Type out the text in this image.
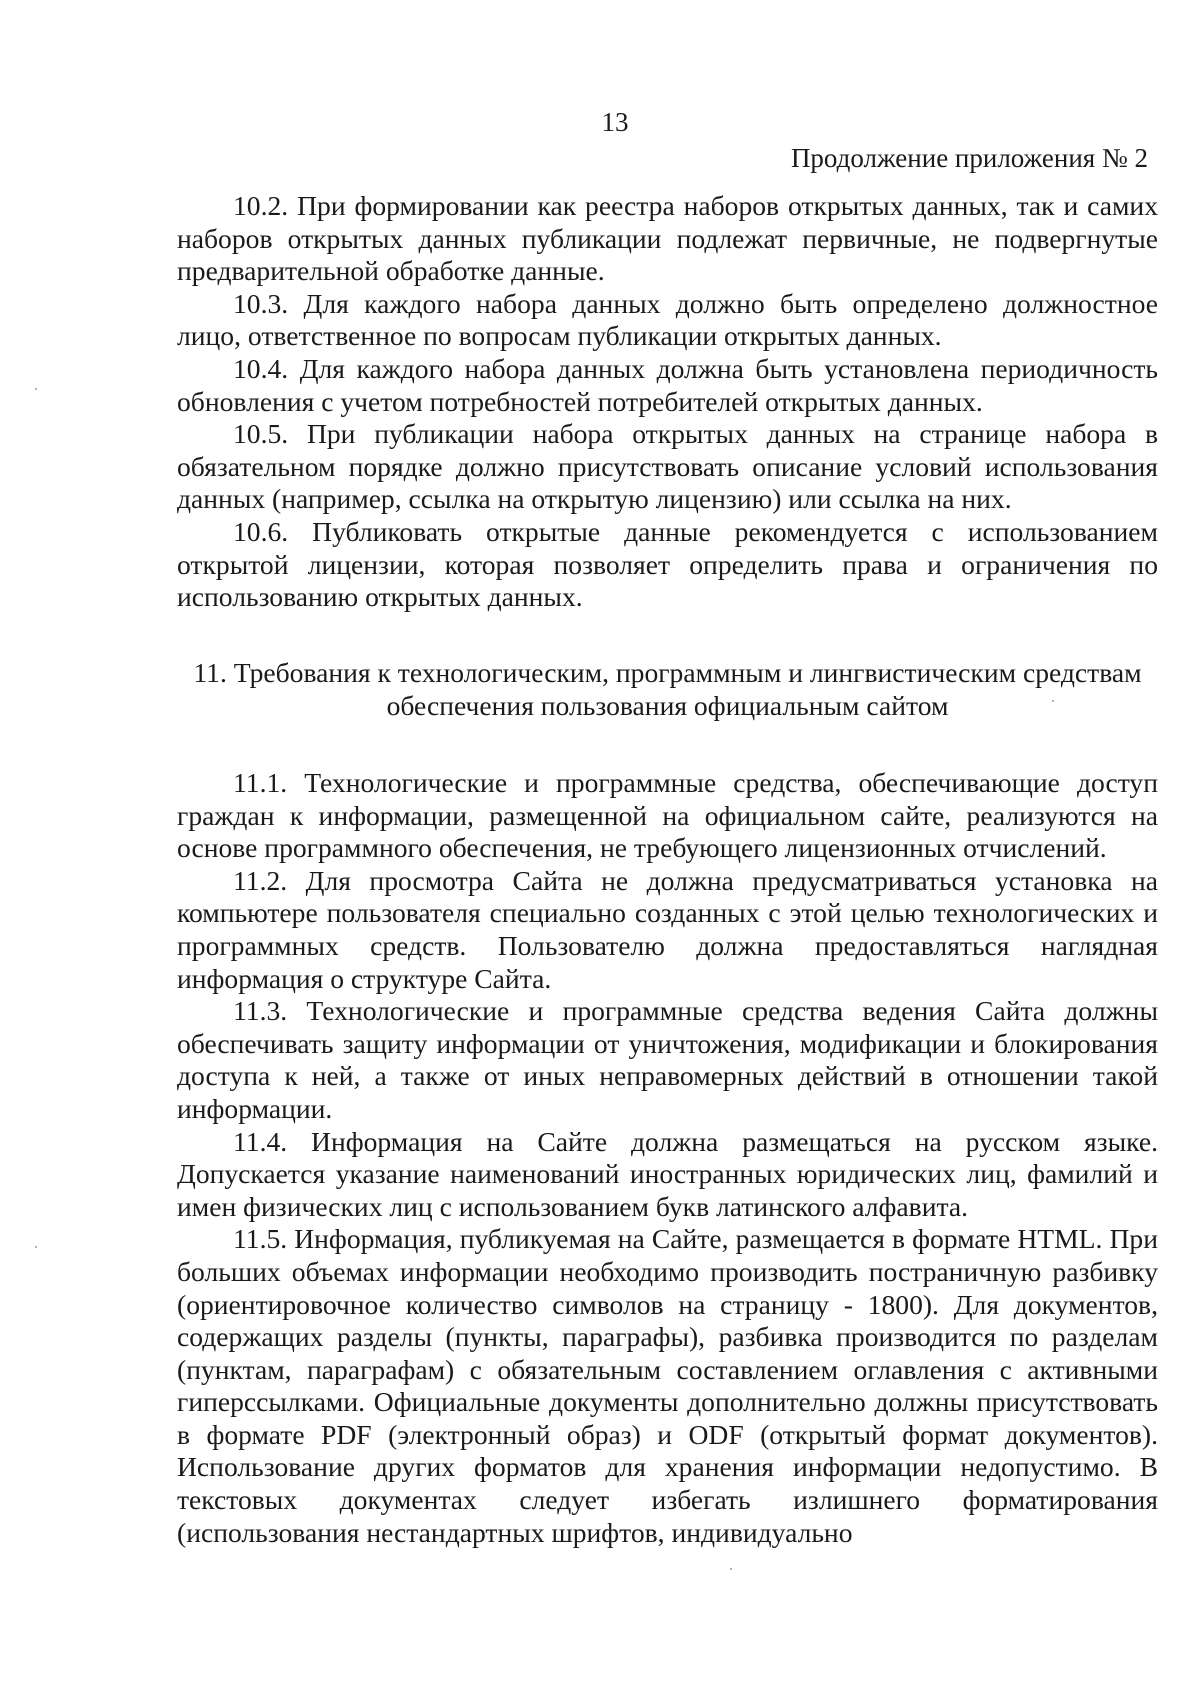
13
Продолжение приложения № 2

10.2. При формировании как реестра наборов открытых данных, так и самих наборов открытых данных публикации подлежат первичные, не подвергнутые предварительной обработке данные.

10.3. Для каждого набора данных должно быть определено должностное лицо, ответственное по вопросам публикации открытых данных.

10.4. Для каждого набора данных должна быть установлена периодичность обновления с учетом потребностей потребителей открытых данных.

10.5. При публикации набора открытых данных на странице набора в обязательном порядке должно присутствовать описание условий использования данных (например, ссылка на открытую лицензию) или ссылка на них.

10.6. Публиковать открытые данные рекомендуется с использованием открытой лицензии, которая позволяет определить права и ограничения по использованию открытых данных.

11. Требования к технологическим, программным и лингвистическим средствам

обеспечения пользования официальным сайтом

11.1. Технологические и программные средства, обеспечивающие доступ граждан к информации, размещенной на официальном сайте, реализуются на основе программного обеспечения, не требующего лицензионных отчислений.

11.2. Для просмотра Сайта не должна предусматриваться установка на компьютере пользователя специально созданных с этой целью технологических и программных средств. Пользователю должна предоставляться наглядная информация о структуре Сайта.

11.3. Технологические и программные средства ведения Сайта должны обеспечивать защиту информации от уничтожения, модификации и блокирования доступа к ней, а также от иных неправомерных действий в отношении такой информации.

11.4. Информация на Сайте должна размещаться на русском языке. Допускается указание наименований иностранных юридических лиц, фамилий и имен физических лиц с использованием букв латинского алфавита.

11.5. Информация, публикуемая на Сайте, размещается в формате HTML. При больших объемах информации необходимо производить постраничную разбивку (ориентировочное количество символов на страницу - 1800). Для документов, содержащих разделы (пункты, параграфы), разбивка производится по разделам (пунктам, параграфам) с обязательным составлением оглавления с активными гиперссылками. Официальные документы дополнительно должны присутствовать в формате PDF (электронный образ) и ODF (открытый формат документов). Использование других форматов для хранения информации недопустимо. В текстовых документах следует избегать излишнего форматирования (использования нестандартных шрифтов, индивидуально
